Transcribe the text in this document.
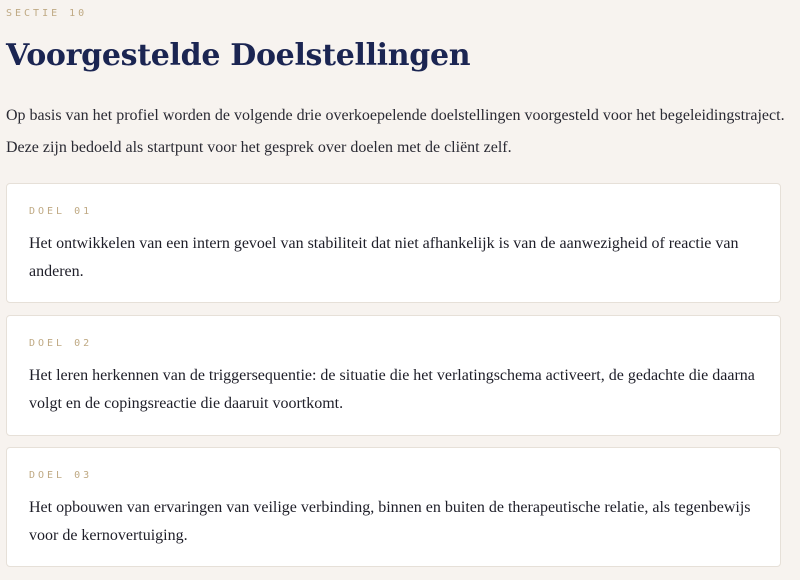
SECTIE 10

Voorgestelde Doelstellingen

Op basis van het profiel worden de volgende drie overkoepelende doelstellingen voorgesteld voor het begeleidingstraject. Deze zijn bedoeld als startpunt voor het gesprek over doelen met de cliënt zelf.

DOEL 01

Het ontwikkelen van een intern gevoel van stabiliteit dat niet afhankelijk is van de aanwezigheid of reactie van anderen.

DOEL 02

Het leren herkennen van de triggersequentie: de situatie die het verlatingschema activeert, de gedachte die daarna volgt en de copingsreactie die daaruit voortkomt.

DOEL 03

Het opbouwen van ervaringen van veilige verbinding, binnen en buiten de therapeutische relatie, als tegenbewijs voor de kernovertuiging.
